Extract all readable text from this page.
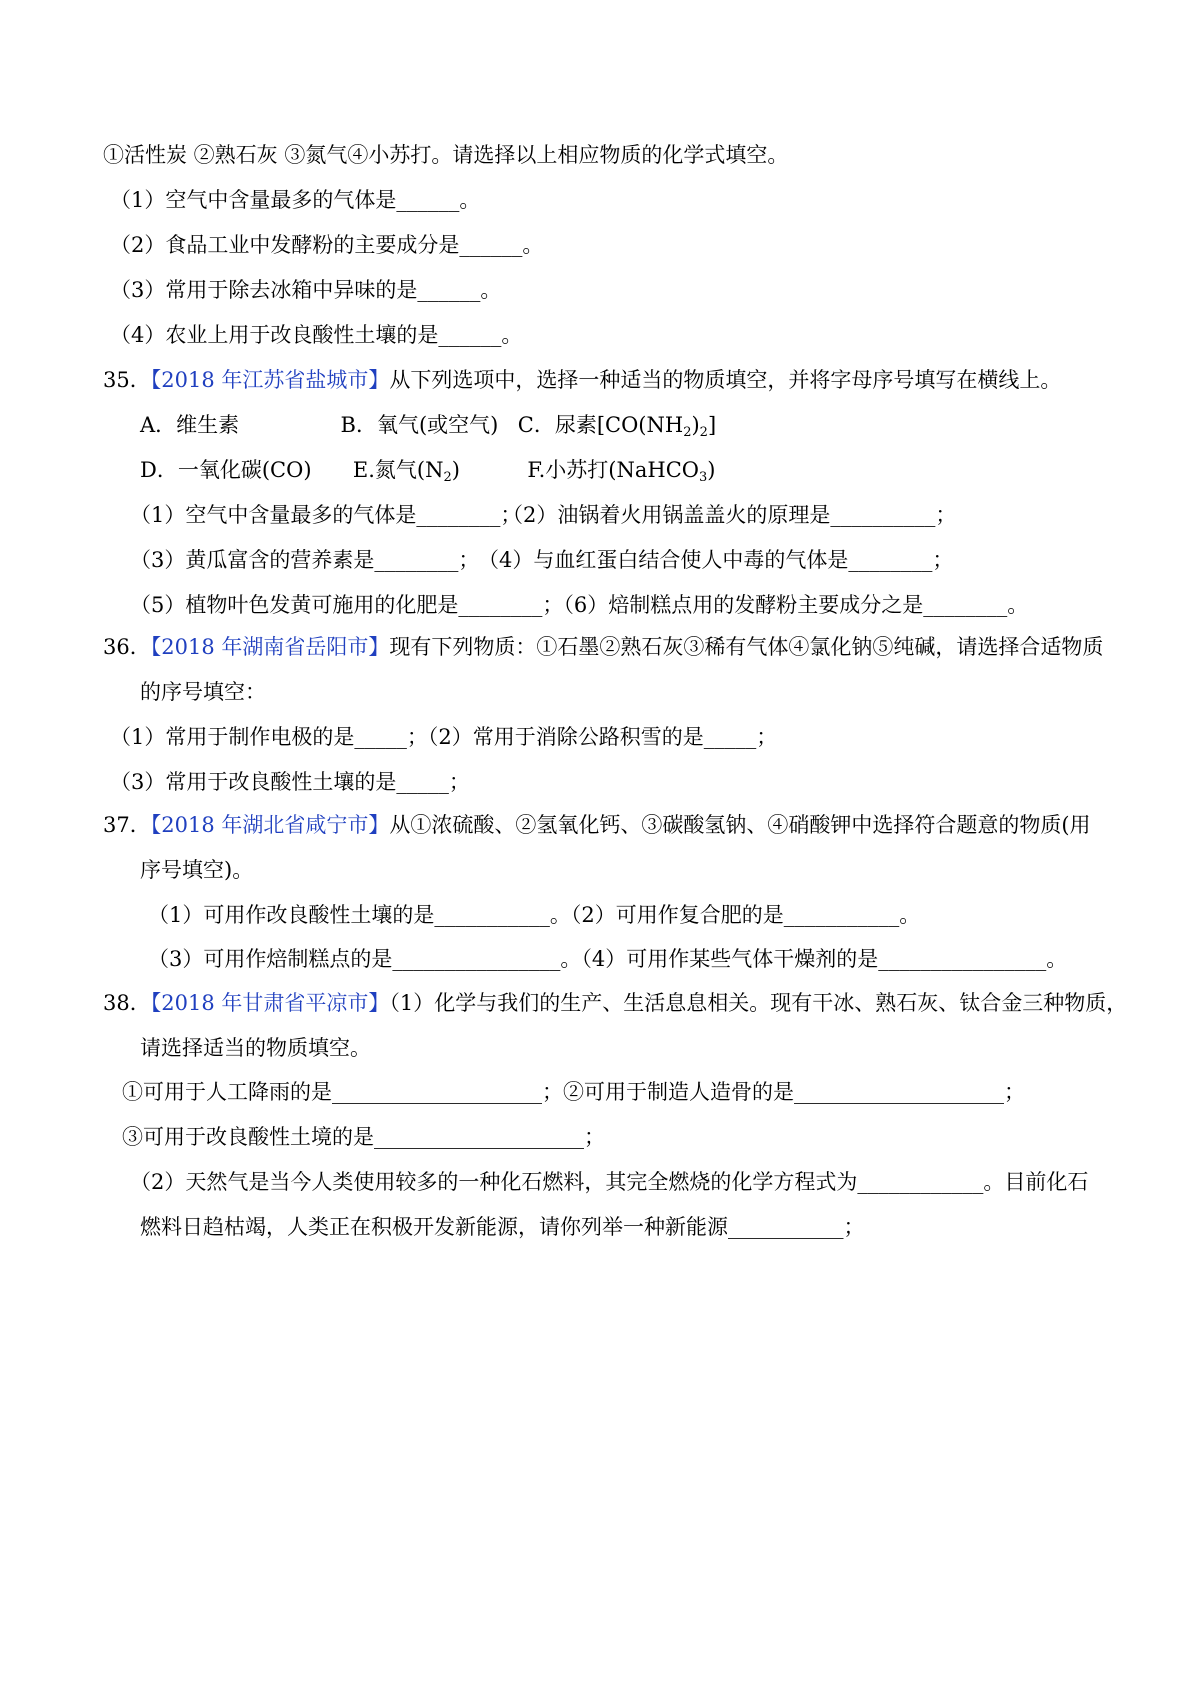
①活性炭 ②熟石灰 ③氮气④小苏打。请选择以上相应物质的化学式填空。
（1）空气中含量最多的气体是______。
（2）食品工业中发酵粉的主要成分是______。
（3）常用于除去冰箱中异味的是______。
（4）农业上用于改良酸性土壤的是______。
35．【2018 年江苏省盐城市】从下列选项中，选择一种适当的物质填空，并将字母序号填写在横线上。
A．维生素	B．氧气(或空气) C．尿素$[CO(NH_2)_2]$
D．一氧化碳(CO) E.氮气$(N_2)$	F.小苏打(NaHCO$_3$)
（1）空气中含量最多的气体是________；
（2）油锅着火用锅盖盖火的原理是__________；
（3）黄瓜富含的营养素是________；
（4）与血红蛋白结合使人中毒的气体是________；
（5）植物叶色发黄可施用的化肥是________；（6）焙制糕点用的发酵粉主要成分之是________。
36．【2018 年湖南省岳阳市】现有下列物质：①石墨②熟石灰③稀有气体④氯化钠⑤纯碱，请选择合适物质
的序号填空：
（1）常用于制作电极的是_____；（2）常用于消除公路积雪的是_____；
（3）常用于改良酸性土壤的是_____；
37．【2018 年湖北省咸宁市】从①浓硫酸、②氢氧化钙、③碳酸氢钠、④硝酸钾中选择符合题意的物质(用
序号填空)。
（1）可用作改良酸性土壤的是___________。（2）可用作复合肥的是___________。
（3）可用作焙制糕点的是________________。（4）可用作某些气体干燥剂的是________________。
38．【2018 年甘肃省平凉市】（1）化学与我们的生产、生活息息相关。现有干冰、熟石灰、钛合金三种物质，
请选择适当的物质填空。
①可用于人工降雨的是____________________；②可用于制造人造骨的是____________________；
③可用于改良酸性土境的是____________________；
（2）天然气是当今人类使用较多的一种化石燃料，其完全燃烧的化学方程式为____________。目前化石
燃料日趋枯竭，人类正在积极开发新能源，请你列举一种新能源___________；
